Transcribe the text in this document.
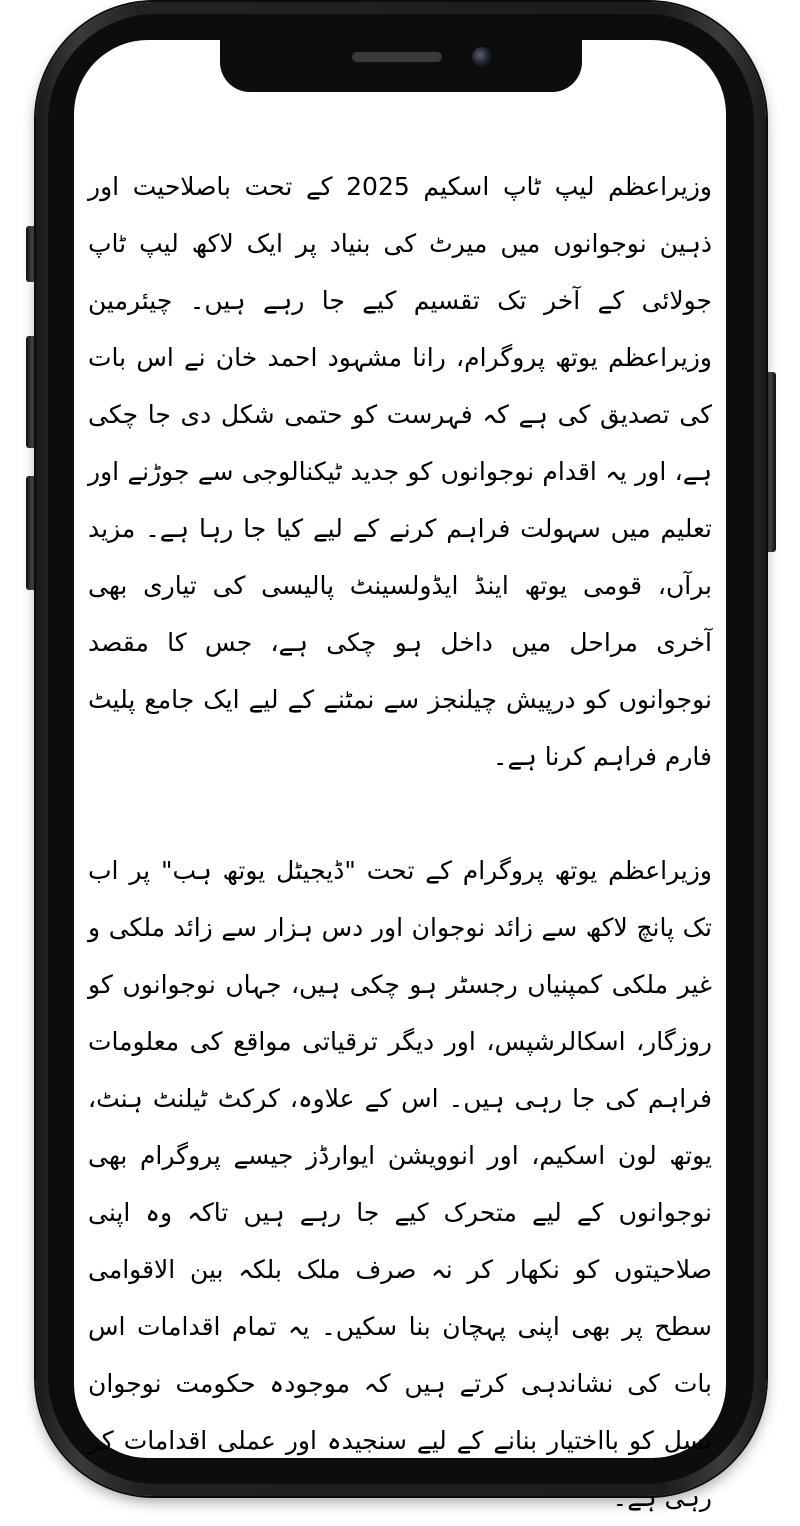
وزیراعظم لیپ ٹاپ اسکیم 2025 کے تحت باصلاحیت اور ذہین نوجوانوں میں میرٹ کی بنیاد پر ایک لاکھ لیپ ٹاپ جولائی کے آخر تک تقسیم کیے جا رہے ہیں۔ چیئرمین وزیراعظم یوتھ پروگرام، رانا مشہود احمد خان نے اس بات کی تصدیق کی ہے کہ فہرست کو حتمی شکل دی جا چکی ہے، اور یہ اقدام نوجوانوں کو جدید ٹیکنالوجی سے جوڑنے اور تعلیم میں سہولت فراہم کرنے کے لیے کیا جا رہا ہے۔ مزید برآں، قومی یوتھ اینڈ ایڈولسینٹ پالیسی کی تیاری بھی آخری مراحل میں داخل ہو چکی ہے، جس کا مقصد نوجوانوں کو درپیش چیلنجز سے نمٹنے کے لیے ایک جامع پلیٹ فارم فراہم کرنا ہے۔

وزیراعظم یوتھ پروگرام کے تحت "ڈیجیٹل یوتھ ہب" پر اب تک پانچ لاکھ سے زائد نوجوان اور دس ہزار سے زائد ملکی و غیر ملکی کمپنیاں رجسٹر ہو چکی ہیں، جہاں نوجوانوں کو روزگار، اسکالرشپس، اور دیگر ترقیاتی مواقع کی معلومات فراہم کی جا رہی ہیں۔ اس کے علاوہ، کرکٹ ٹیلنٹ ہنٹ، یوتھ لون اسکیم، اور انوویشن ایوارڈز جیسے پروگرام بھی نوجوانوں کے لیے متحرک کیے جا رہے ہیں تاکہ وہ اپنی صلاحیتوں کو نکھار کر نہ صرف ملک بلکہ بین الاقوامی سطح پر بھی اپنی پہچان بنا سکیں۔ یہ تمام اقدامات اس بات کی نشاندہی کرتے ہیں کہ موجودہ حکومت نوجوان نسل کو بااختیار بنانے کے لیے سنجیدہ اور عملی اقدامات کر رہی ہے۔
